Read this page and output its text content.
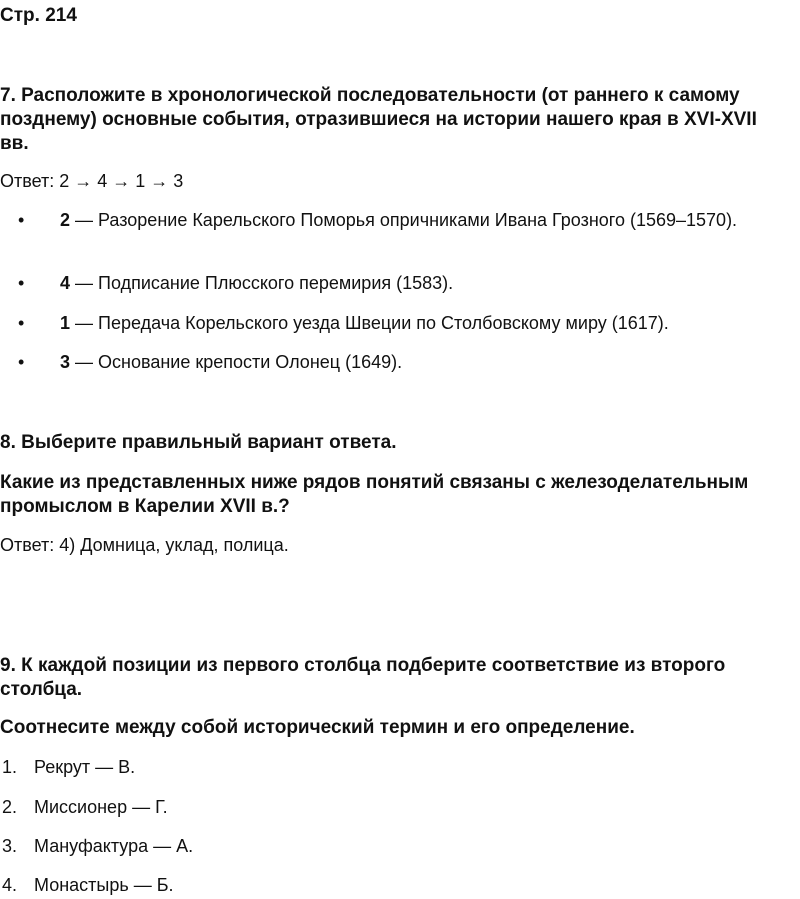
Стр. 214
7. Расположите в хронологической последовательности (от раннего к самому позднему) основные события, отразившиеся на истории нашего края в XVI-XVII вв.
Ответ: 2 → 4 → 1 → 3
• 2 — Разорение Карельского Поморья опричниками Ивана Грозного (1569–1570).
• 4 — Подписание Плюсского перемирия (1583).
• 1 — Передача Корельского уезда Швеции по Столбовскому миру (1617).
• 3 — Основание крепости Олонец (1649).
8. Выберите правильный вариант ответа.
Какие из представленных ниже рядов понятий связаны с железоделательным промыслом в Карелии XVII в.?
Ответ: 4) Домница, уклад, полица.
9. К каждой позиции из первого столбца подберите соответствие из второго столбца.
Соотнесите между собой исторический термин и его определение.
1. Рекрут — В.
2. Миссионер — Г.
3. Мануфактура — А.
4. Монастырь — Б.
